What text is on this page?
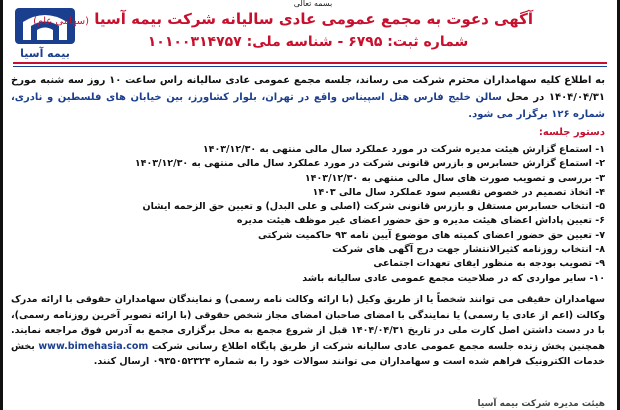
بسمه تعالی
بیمه آسیا
آگهی دعوت به مجمع عمومی عادی سالیانه شرکت بیمه آسیا (سهامی عام)
شماره ثبت: ۶۷۹۵ - شناسه ملی: ۱۰۱۰۰۳۱۴۷۵۷
به اطلاع کلیه سهامداران محترم شرکت می رساند، جلسه مجمع عمومی عادی سالیانه راس ساعت ۱۰ روز سه شنبه مورخ ۱۴۰۴/۰۴/۳۱ در محل سالن خلیج فارس هتل اسپیناس واقع در تهران، بلوار کشاورز، بین خیابان های فلسطین و نادری، شماره ۱۲۶ برگزار می شود.
دستور جلسه:
۱- استماع گزارش هیئت مدیره شرکت در مورد عملکرد سال مالی منتهی به ۱۴۰۳/۱۲/۳۰
۲- استماع گزارش حسابرس و بازرس قانونی شرکت در مورد عملکرد سال مالی منتهی به ۱۴۰۳/۱۲/۳۰
۳- بررسی و تصویب صورت های سال مالی منتهی به ۱۴۰۳/۱۲/۳۰
۴- اتخاذ تصمیم در خصوص تقسیم سود عملکرد سال مالی ۱۴۰۳
۵- انتخاب حسابرس مستقل و بازرس قانونی شرکت (اصلی و علی البدل) و تعیین حق الزحمه ایشان
۶- تعیین پاداش اعضای هیئت مدیره و حق حضور اعضای غیر موظف هیئت مدیره
۷- تعیین حق حضور اعضای کمیته های موضوع آیین نامه ۹۳ حاکمیت شرکتی
۸- انتخاب روزنامه کثیرالانتشار جهت درج آگهی های شرکت
۹- تصویب بودجه به منظور ایفای تعهدات اجتماعی
۱۰- سایر مواردی که در صلاحیت مجمع عمومی عادی سالیانه باشد
سهامداران حقیقی می توانند شخصاً یا از طریق وکیل (با ارائه وکالت نامه رسمی) و نمایندگان سهامداران حقوقی با ارائه مدرک وکالت (اعم از عادی یا رسمی) یا نمایندگی با امضای صاحبان امضای مجاز شخص حقوقی (با ارائه تصویر آخرین روزنامه رسمی)، با در دست داشتن اصل کارت ملی در تاریخ ۱۴۰۴/۰۴/۳۱ قبل از شروع مجمع به محل برگزاری مجمع به آدرس فوق مراجعه نمایند. همچنین پخش زنده جلسه مجمع عمومی عادی سالیانه شرکت از طریق پایگاه اطلاع رسانی شرکت www.bimehasia.com بخش خدمات الکترونیک فراهم شده است و سهامداران می توانند سوالات خود را به شماره ۰۹۳۵۰۵۲۳۲۴ ارسال کنند.
هیئت مدیره شرکت بیمه آسیا
